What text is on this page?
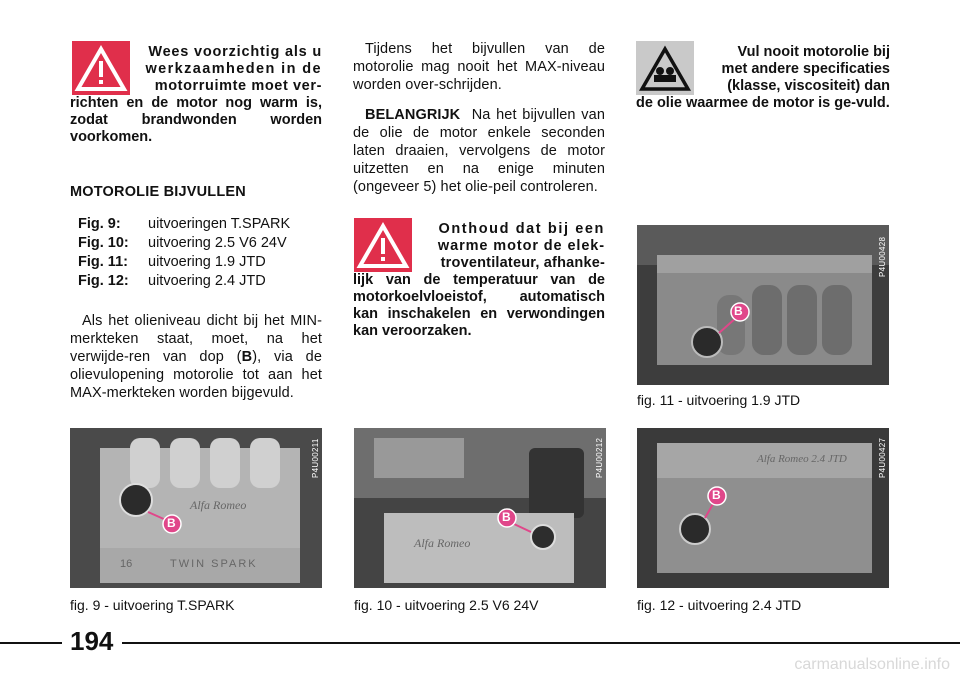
Wees voorzichtig als u
werkzaamheden in de
motorruimte moet ver-
richten en de motor nog warm is, zodat brandwonden worden voorkomen.
MOTOROLIE BIJVULLEN
Fig. 9:	uitvoeringen T.SPARK
Fig. 10:	uitvoering 2.5 V6 24V
Fig. 11:	uitvoering 1.9 JTD
Fig. 12:	uitvoering 2.4 JTD
Als het olieniveau dicht bij het MIN-merkteken staat, moet, na het verwijde-ren van dop (B), via de olievulopening motorolie tot aan het MAX-merkteken worden bijgevuld.
Tijdens het bijvullen van de motorolie mag nooit het MAX-niveau worden over-schrijden.
BELANGRIJK Na het bijvullen van de olie de motor enkele seconden laten draaien, vervolgens de motor uitzetten en na enige minuten (ongeveer 5) het olie-peil controleren.
Onthoud dat bij een
warme motor de elek-
troventilateur, afhanke-
lijk van de temperatuur van de motorkoelvloeistof, automatisch kan inschakelen en verwondingen kan veroorzaken.
Vul nooit motorolie bij
met andere specificaties
(klasse, viscositeit) dan
de olie waarmee de motor is ge-vuld.
B
P4U00428
fig. 11 - uitvoering 1.9 JTD
B
Alfa Romeo
16	TWIN SPARK
P4U00211
fig. 9 - uitvoering T.SPARK
B
Alfa Romeo
P4U00212
fig. 10 - uitvoering 2.5 V6 24V
B
Alfa Romeo 2.4 JTD	P4U00427
fig. 12 - uitvoering 2.4 JTD
194
carmanualsonline.info
